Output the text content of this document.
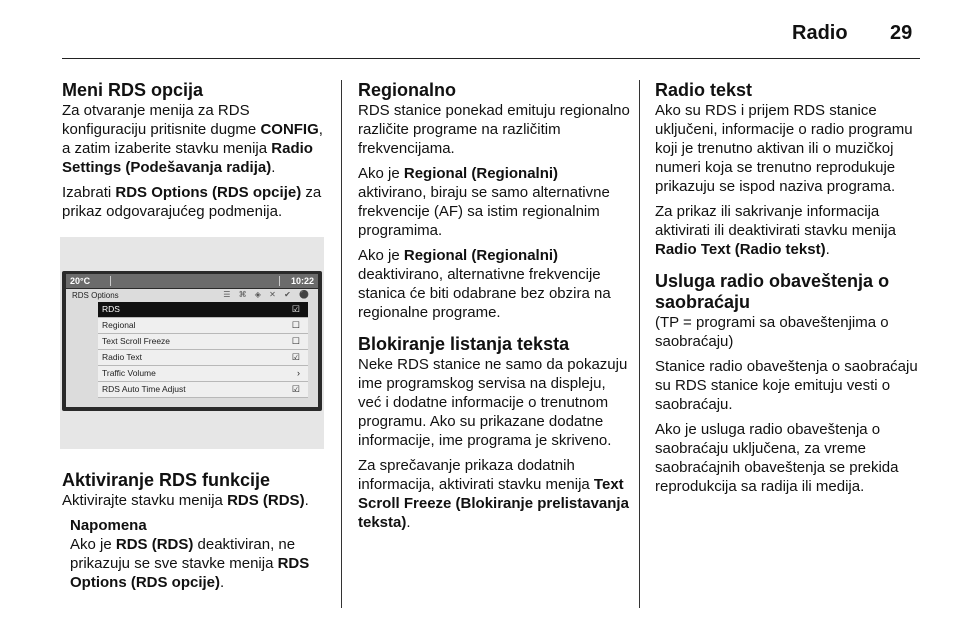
Radio 29
Meni RDS opcija

Za otvaranje menija za RDS konfiguraciju pritisnite dugme CONFIG, a zatim izaberite stavku menija Radio Settings (Podešavanja radija).

Izabrati RDS Options (RDS opcije) za prikaz odgovarajućeg podmenija.

20°C	10:22
RDS Options	☰ ⌘ ◈ ✕ ✔ ⚫
RDS	☑
Regional	☐
Text Scroll Freeze	☐
Radio Text	☑
Traffic Volume	›
RDS Auto Time Adjust	☑
Aktiviranje RDS funkcije

Aktivirajte stavku menija RDS (RDS).

Napomena
Ako je RDS (RDS) deaktiviran, ne prikazuju se sve stavke menija RDS Options (RDS opcije).
Regionalno

RDS stanice ponekad emituju regionalno različite programe na različitim frekvencijama.

Ako je Regional (Regionalni) aktivirano, biraju se samo alternativne frekvencije (AF) sa istim regionalnim programima.

Ako je Regional (Regionalni) deaktivirano, alternativne frekvencije stanica će biti odabrane bez obzira na regionalne programe.

Blokiranje listanja teksta

Neke RDS stanice ne samo da pokazuju ime programskog servisa na displeju, već i dodatne informacije o trenutnom programu. Ako su prikazane dodatne informacije, ime programa je skriveno.

Za sprečavanje prikaza dodatnih informacija, aktivirati stavku menija Text Scroll Freeze (Blokiranje prelistavanja teksta).

Radio tekst

Ako su RDS i prijem RDS stanice uključeni, informacije o radio programu koji je trenutno aktivan ili o muzičkoj numeri koja se trenutno reprodukuje prikazuju se ispod naziva programa.

Za prikaz ili sakrivanje informacija aktivirati ili deaktivirati stavku menija Radio Text (Radio tekst).

Usluga radio obaveštenja o saobraćaju

(TP = programi sa obaveštenjima o saobraćaju)

Stanice radio obaveštenja o saobraćaju su RDS stanice koje emituju vesti o saobraćaju.

Ako je usluga radio obaveštenja o saobraćaju uključena, za vreme saobraćajnih obaveštenja se prekida reprodukcija sa radija ili medija.
